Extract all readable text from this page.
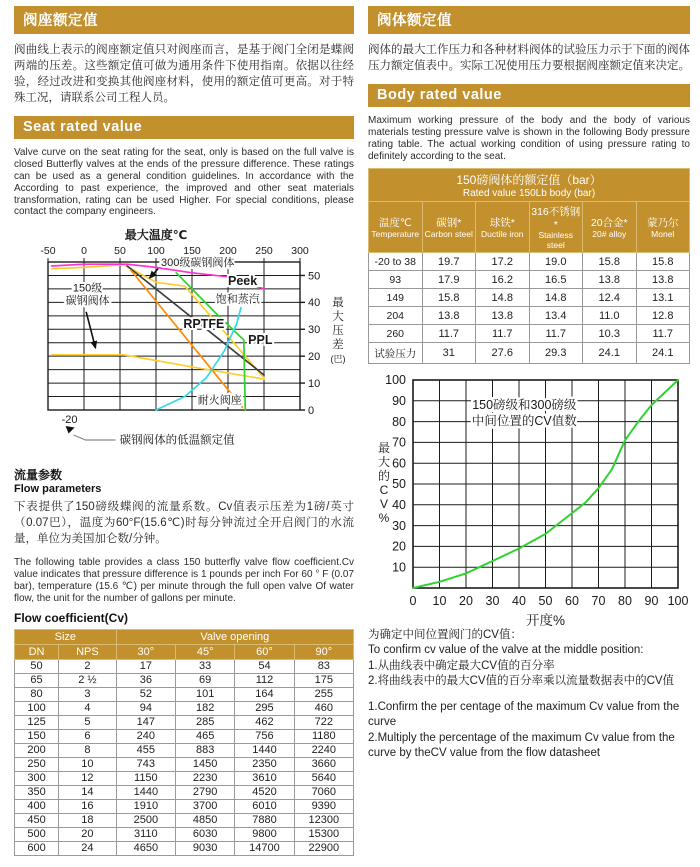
阀座额定值

阀曲线上表示的阀座额定值只对阀座而言，是基于阀门全闭是蝶阀两端的压差。这些额定值可做为通用条件下使用指南。依据以往经验，经过改进和变换其他阀座材料，使用的额定值可更高。对于特殊工况，请联系公司工程人员。

Seat rated value

Valve curve on the seat rating for the seat, only is based on the full valve is closed Butterfly valves at the ends of the pressure difference. These ratings can be used as a general condition guidelines. In accordance with the According to past experience, the improved and other seat materials transformation, rating can be used Higher. For special conditions, please contact the company engineers.

-50 0	50 100 150 200 250 300
50
40
30
20
10
0
最大温度℃
最
大
压
差
(巴)
300级碳钢阀体
Peek
饱和蒸汽
RPTFE
PPL
耐火阀座
150级
碳钢阀体
-20
碳钢阀体的低温额定值
流量参数
Flow parameters

下表提供了150磅级蝶阀的流量系数。Cv值表示压差为1磅/英寸（0.07巴），温度为60°F(15.6℃)时每分钟流过全开启阀门的水流量，单位为美国加仑数/分钟。

The following table provides a class 150 butterfly valve flow coefficient.Cv value indicates that pressure difference is 1 pounds per inch For 60 ° F (0.07 bar), temperature (15.6 ℃) per minute through the full open valve Of water flow, the unit for the number of gallons per minute.

Flow coefficient(Cv)
Size		Valve opening			
DN	NPS	30°	45°	60°	90°
50	2	17	33	54	83
65	2 ½	36	69	112	175
80	3	52	101	164	255
100	4	94	182	295	460
125	5	147	285	462	722
150	6	240	465	756	1180
200	8	455	883	1440	2240
250	10	743	1450	2350	3660
300	12	1150	2230	3610	5640
350	14	1440	2790	4520	7060
400	16	1910	3700	6010	9390
450	18	2500	4850	7880	12300
500	20	3110	6030	9800	15300
600	24	4650	9030	14700	22900
阀体额定值

阀体的最大工作压力和各种材料阀体的试验压力示于下面的阀体压力额定值表中。实际工况使用压力要根据阀座额定值来决定。

Body rated value

Maximum working pressure of the body and the body of various materials testing pressure valve is shown in the following Body pressure rating table. The actual working condition of using pressure rating to definitely according to the seat.

150磅阀体的额定值（bar）
Rated value 150Lb body (bar)					

温度℃
Temperature

碳钢*
Carbon steel

球铁*
Ductile iron

316不锈钢*
Stainless steel

20合金*
20# alloy

蒙乃尔
Monel

-20 to 38	19.7	17.2	19.0	15.8	15.8
93	17.9	16.2	16.5	13.8	13.8
149	15.8	14.8	14.8	12.4	13.1
204	13.8	13.8	13.4	11.0	12.8
260	11.7	11.7	11.7	10.3	11.7
试验压力	31	27.6	29.3	24.1	24.1
10
20
30
40
50
60
70
80
90
100
0 10 20 30 40 50 60 70 80 90 100
开度%
最
大
的
C
V
%
150磅级和300磅级
中间位置的CV值数
为确定中间位置阀门的CV值：
To confirm cv value of the valve at the middle position:
1.从曲线表中确定最大CV值的百分率
2.将曲线表中的最大CV值的百分率乘以流量数据表中的CV值
1.Confirm the per centage of the maximum Cv value from the curve
2.Multiply the percentage of the maximum Cv value from the curve by theCV value from the flow datasheet
